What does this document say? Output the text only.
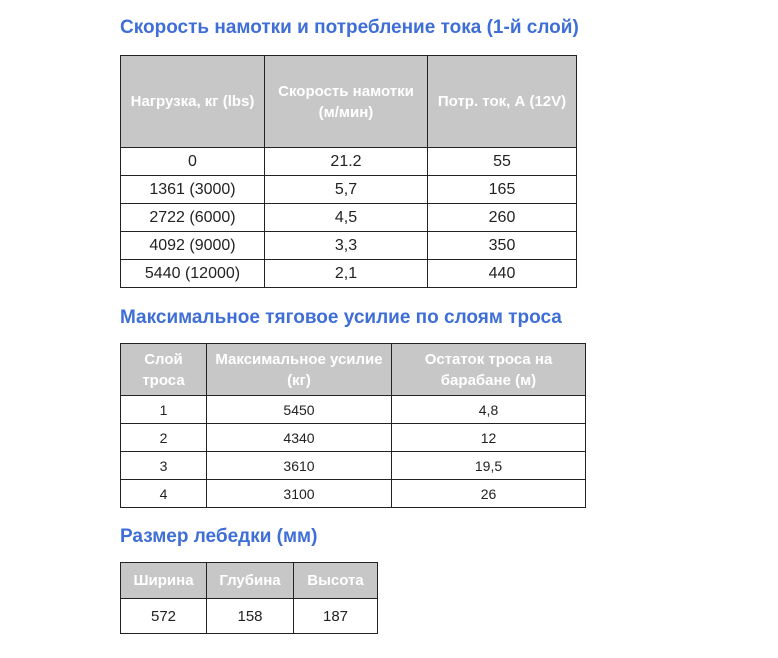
Скорость намотки и потребление тока (1-й слой)
Нагрузка, кг (lbs)	Скорость намотки (м/мин)	Потр. ток, А (12V)
0	21.2	55
1361 (3000)	5,7	165
2722 (6000)	4,5	260
4092 (9000)	3,3	350
5440 (12000)	2,1	440
Максимальное тяговое усилие по слоям троса
Слой троса	Максимальное усилие (кг)	Остаток троса на барабане (м)
1	5450	4,8
2	4340	12
3	3610	19,5
4	3100	26
Размер лебедки (мм)
Ширина	Глубина	Высота
572	158	187
